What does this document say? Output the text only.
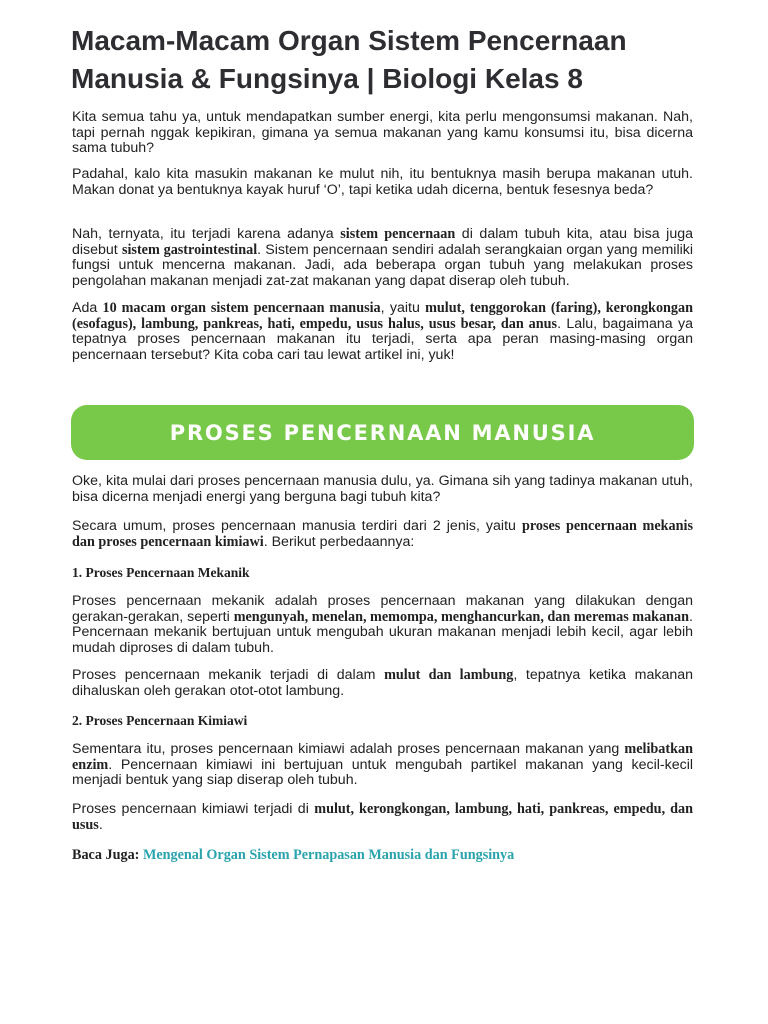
Macam-Macam Organ Sistem Pencernaan Manusia & Fungsinya | Biologi Kelas 8

Kita semua tahu ya, untuk mendapatkan sumber energi, kita perlu mengonsumsi makanan. Nah, tapi pernah nggak kepikiran, gimana ya semua makanan yang kamu konsumsi itu, bisa dicerna sama tubuh?

Padahal, kalo kita masukin makanan ke mulut nih, itu bentuknya masih berupa makanan utuh. Makan donat ya bentuknya kayak huruf ‘O’, tapi ketika udah dicerna, bentuk fesesnya beda?

Nah, ternyata, itu terjadi karena adanya sistem pencernaan di dalam tubuh kita, atau bisa juga disebut sistem gastrointestinal. Sistem pencernaan sendiri adalah serangkaian organ yang memiliki fungsi untuk mencerna makanan. Jadi, ada beberapa organ tubuh yang melakukan proses pengolahan makanan menjadi zat-zat makanan yang dapat diserap oleh tubuh.

Ada 10 macam organ sistem pencernaan manusia, yaitu mulut, tenggorokan (faring), kerongkongan (esofagus), lambung, pankreas, hati, empedu, usus halus, usus besar, dan anus. Lalu, bagaimana ya tepatnya proses pencernaan makanan itu terjadi, serta apa peran masing-masing organ pencernaan tersebut? Kita coba cari tau lewat artikel ini, yuk!

PROSES PENCERNAAN MANUSIA

Oke, kita mulai dari proses pencernaan manusia dulu, ya. Gimana sih yang tadinya makanan utuh, bisa dicerna menjadi energi yang berguna bagi tubuh kita?

Secara umum, proses pencernaan manusia terdiri dari 2 jenis, yaitu proses pencernaan mekanis dan proses pencernaan kimiawi. Berikut perbedaannya:

1. Proses Pencernaan Mekanik

Proses pencernaan mekanik adalah proses pencernaan makanan yang dilakukan dengan gerakan-gerakan, seperti mengunyah, menelan, memompa, menghancurkan, dan meremas makanan. Pencernaan mekanik bertujuan untuk mengubah ukuran makanan menjadi lebih kecil, agar lebih mudah diproses di dalam tubuh.

Proses pencernaan mekanik terjadi di dalam mulut dan lambung, tepatnya ketika makanan dihaluskan oleh gerakan otot-otot lambung.

2. Proses Pencernaan Kimiawi

Sementara itu, proses pencernaan kimiawi adalah proses pencernaan makanan yang melibatkan enzim. Pencernaan kimiawi ini bertujuan untuk mengubah partikel makanan yang kecil-kecil menjadi bentuk yang siap diserap oleh tubuh.

Proses pencernaan kimiawi terjadi di mulut, kerongkongan, lambung, hati, pankreas, empedu, dan usus.

Baca Juga: Mengenal Organ Sistem Pernapasan Manusia dan Fungsinya
